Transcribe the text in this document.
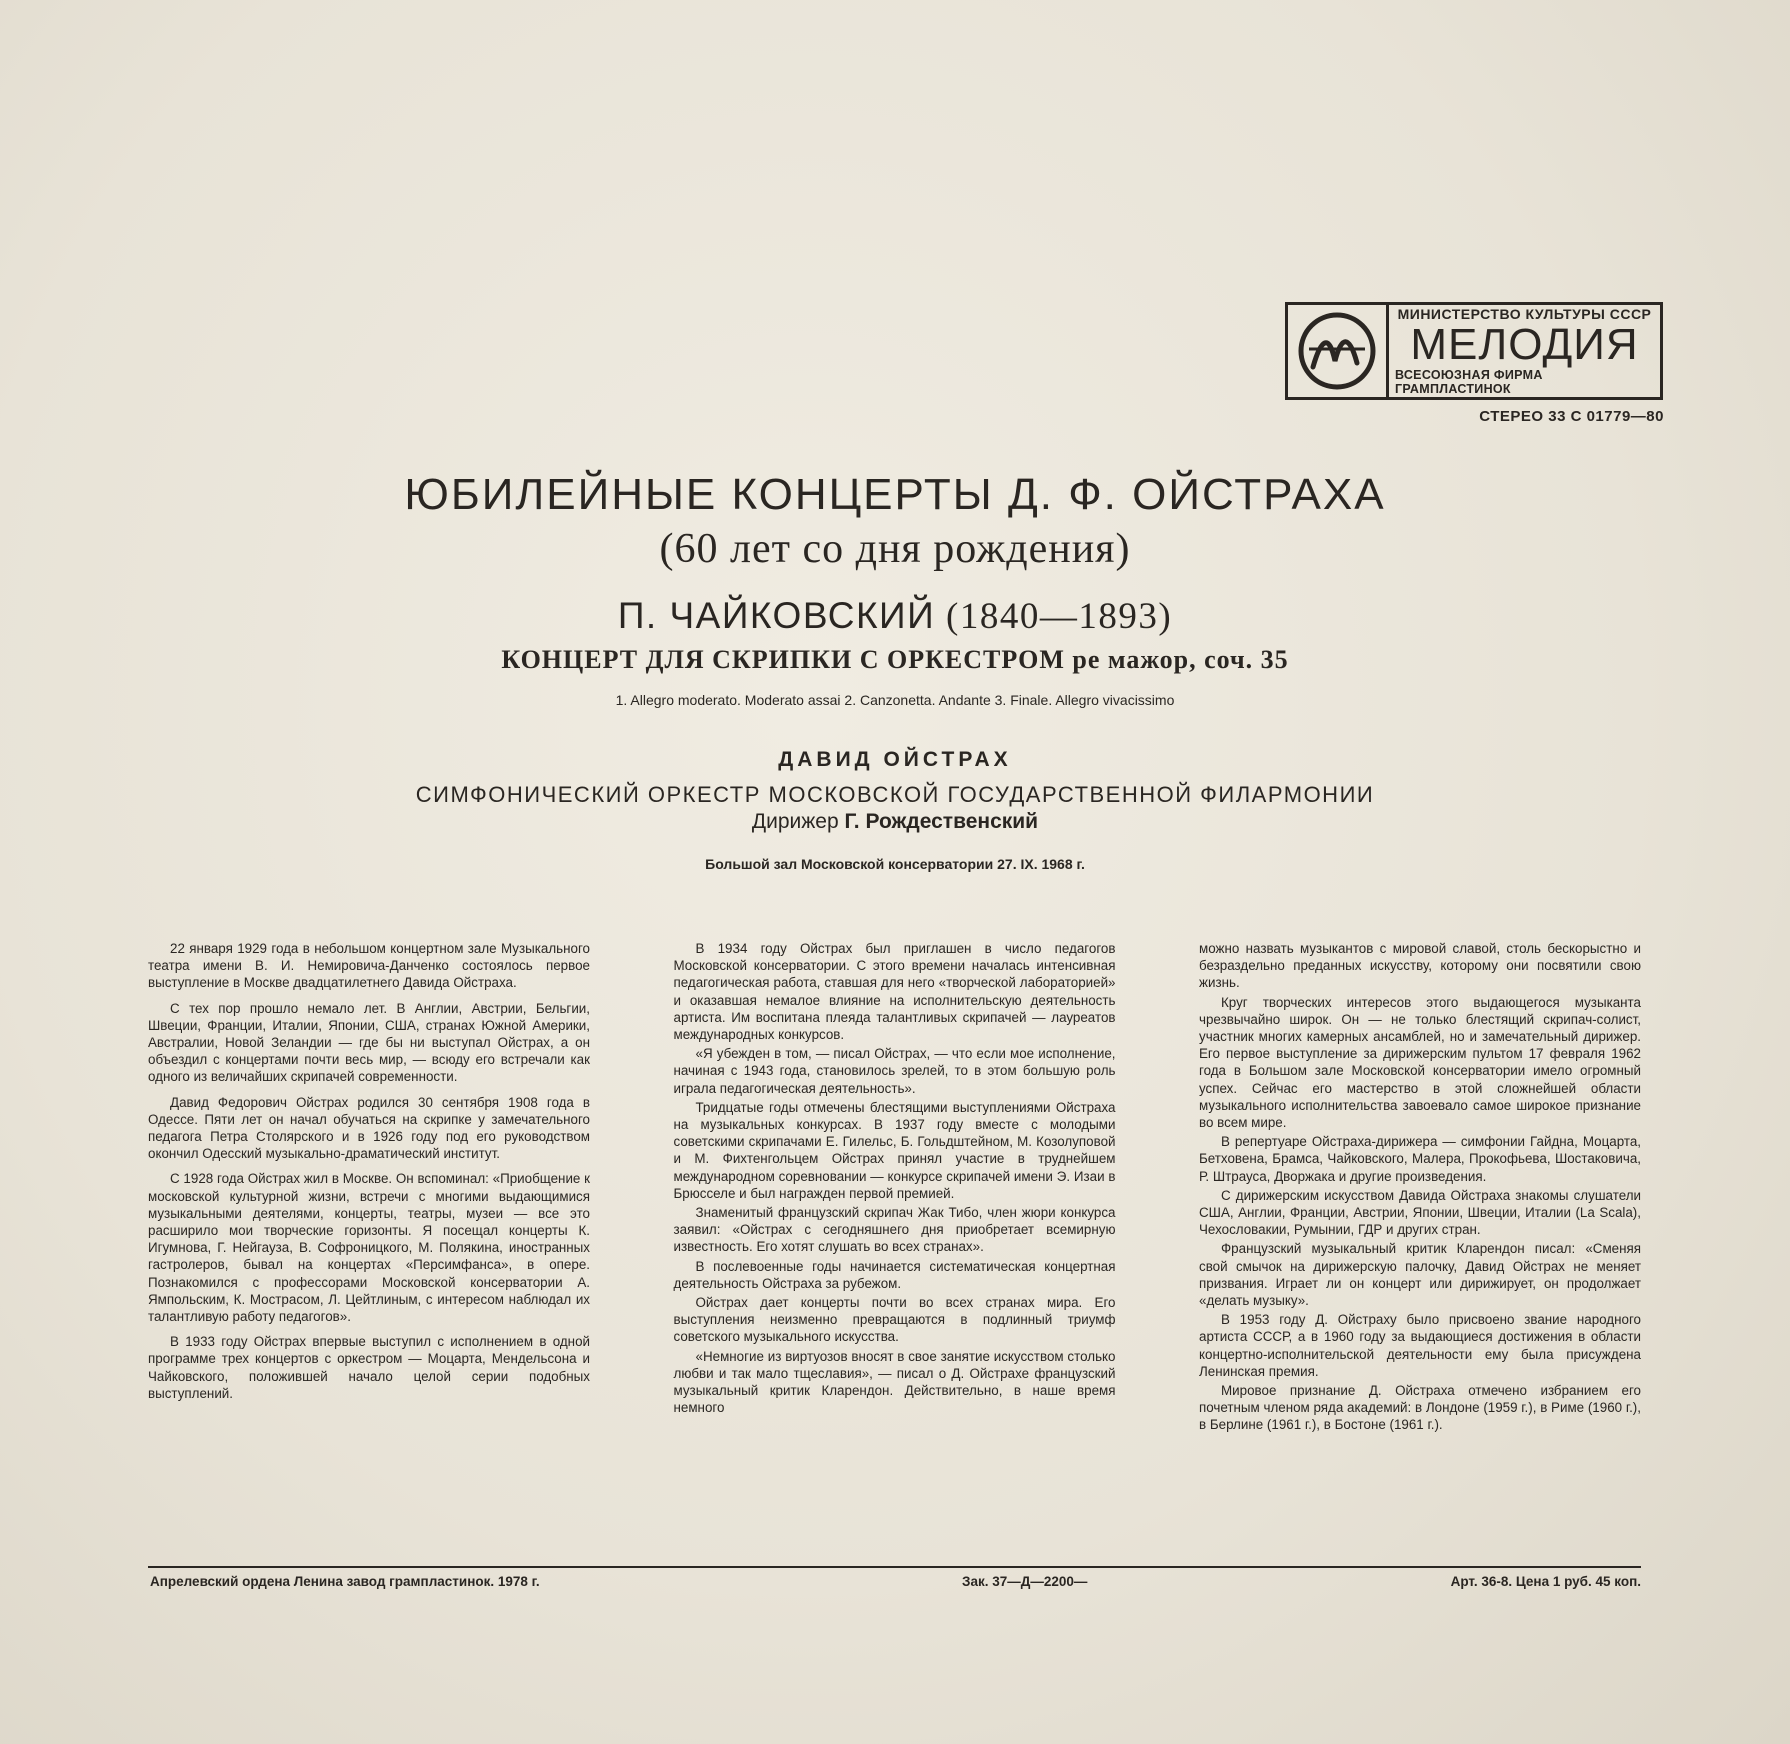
МИНИСТЕРСТВО КУЛЬТУРЫ СССР
МЕЛОДИЯ
ВСЕСОЮЗНАЯ ФИРМА ГРАМПЛАСТИНОК
СТЕРЕО 33 С 01779—80
ЮБИЛЕЙНЫЕ КОНЦЕРТЫ Д. Ф. ОЙСТРАХА
(60 лет со дня рождения)
П. ЧАЙКОВСКИЙ (1840—1893)
КОНЦЕРТ ДЛЯ СКРИПКИ С ОРКЕСТРОМ ре мажор, соч. 35
1. Allegro moderato. Moderato assai 2. Canzonetta. Andante 3. Finale. Allegro vivacissimo
ДАВИД ОЙСТРАХ
СИМФОНИЧЕСКИЙ ОРКЕСТР МОСКОВСКОЙ ГОСУДАРСТВЕННОЙ ФИЛАРМОНИИ
Дирижер Г. Рождественский
Большой зал Московской консерватории 27. IX. 1968 г.

22 января 1929 года в небольшом концертном зале Музыкального театра имени В. И. Немировича-Данченко состоялось первое выступление в Москве двадцатилетнего Давида Ойстраха.

С тех пор прошло немало лет. В Англии, Австрии, Бельгии, Швеции, Франции, Италии, Японии, США, странах Южной Америки, Австралии, Новой Зеландии — где бы ни выступал Ойстрах, а он объездил с концертами почти весь мир, — всюду его встречали как одного из величайших скрипачей современности.

Давид Федорович Ойстрах родился 30 сентября 1908 года в Одессе. Пяти лет он начал обучаться на скрипке у замечательного педагога Петра Столярского и в 1926 году под его руководством окончил Одесский музыкально-драматический институт.

С 1928 года Ойстрах жил в Москве. Он вспоминал: «Приобщение к московской культурной жизни, встречи с многими выдающимися музыкальными деятелями, концерты, театры, музеи — все это расширило мои творческие горизонты. Я посещал концерты К. Игумнова, Г. Нейгауза, В. Софроницкого, М. Полякина, иностранных гастролеров, бывал на концертах «Персимфанса», в опере. Познакомился с профессорами Московской консерватории А. Ямпольским, К. Мострасом, Л. Цейтлиным, с интересом наблюдал их талантливую работу педагогов».

В 1933 году Ойстрах впервые выступил с исполнением в одной программе трех концертов с оркестром — Моцарта, Мендельсона и Чайковского, положившей начало целой серии подобных выступлений.

В 1934 году Ойстрах был приглашен в число педагогов Московской консерватории. С этого времени началась интенсивная педагогическая работа, ставшая для него «творческой лабораторией» и оказавшая немалое влияние на исполнительскую деятельность артиста. Им воспитана плеяда талантливых скрипачей — лауреатов международных конкурсов.

«Я убежден в том, — писал Ойстрах, — что если мое исполнение, начиная с 1943 года, становилось зрелей, то в этом большую роль играла педагогическая деятельность».

Тридцатые годы отмечены блестящими выступлениями Ойстраха на музыкальных конкурсах. В 1937 году вместе с молодыми советскими скрипачами Е. Гилельс, Б. Гольдштейном, М. Козолуповой и М. Фихтенгольцем Ойстрах принял участие в труднейшем международном соревновании — конкурсе скрипачей имени Э. Изаи в Брюсселе и был награжден первой премией.

Знаменитый французский скрипач Жак Тибо, член жюри конкурса заявил: «Ойстрах с сегодняшнего дня приобретает всемирную известность. Его хотят слушать во всех странах».

В послевоенные годы начинается систематическая концертная деятельность Ойстраха за рубежом.

Ойстрах дает концерты почти во всех странах мира. Его выступления неизменно превращаются в подлинный триумф советского музыкального искусства.

«Немногие из виртуозов вносят в свое занятие искусством столько любви и так мало тщеславия», — писал о Д. Ойстрахе французский музыкальный критик Кларендон. Действительно, в наше время немного

можно назвать музыкантов с мировой славой, столь бескорыстно и безраздельно преданных искусству, которому они посвятили свою жизнь.

Круг творческих интересов этого выдающегося музыканта чрезвычайно широк. Он — не только блестящий скрипач-солист, участник многих камерных ансамблей, но и замечательный дирижер. Его первое выступление за дирижерским пультом 17 февраля 1962 года в Большом зале Московской консерватории имело огромный успех. Сейчас его мастерство в этой сложнейшей области музыкального исполнительства завоевало самое широкое признание во всем мире.

В репертуаре Ойстраха-дирижера — симфонии Гайдна, Моцарта, Бетховена, Брамса, Чайковского, Малера, Прокофьева, Шостаковича, Р. Штрауса, Дворжака и другие произведения.

С дирижерским искусством Давида Ойстраха знакомы слушатели США, Англии, Франции, Австрии, Японии, Швеции, Италии (La Scala), Чехословакии, Румынии, ГДР и других стран.

Французский музыкальный критик Кларендон писал: «Сменяя свой смычок на дирижерскую палочку, Давид Ойстрах не меняет призвания. Играет ли он концерт или дирижирует, он продолжает «делать музыку».

В 1953 году Д. Ойстраху было присвоено звание народного артиста СССР, а в 1960 году за выдающиеся достижения в области концертно-исполнительской деятельности ему была присуждена Ленинская премия.

Мировое признание Д. Ойстраха отмечено избранием его почетным членом ряда академий: в Лондоне (1959 г.), в Риме (1960 г.), в Берлине (1961 г.), в Бостоне (1961 г.).

Апрелевский ордена Ленина завод грампластинок. 1978 г.	Зак. 37—Д—2200—	Арт. 36-8. Цена 1 руб. 45 коп.
